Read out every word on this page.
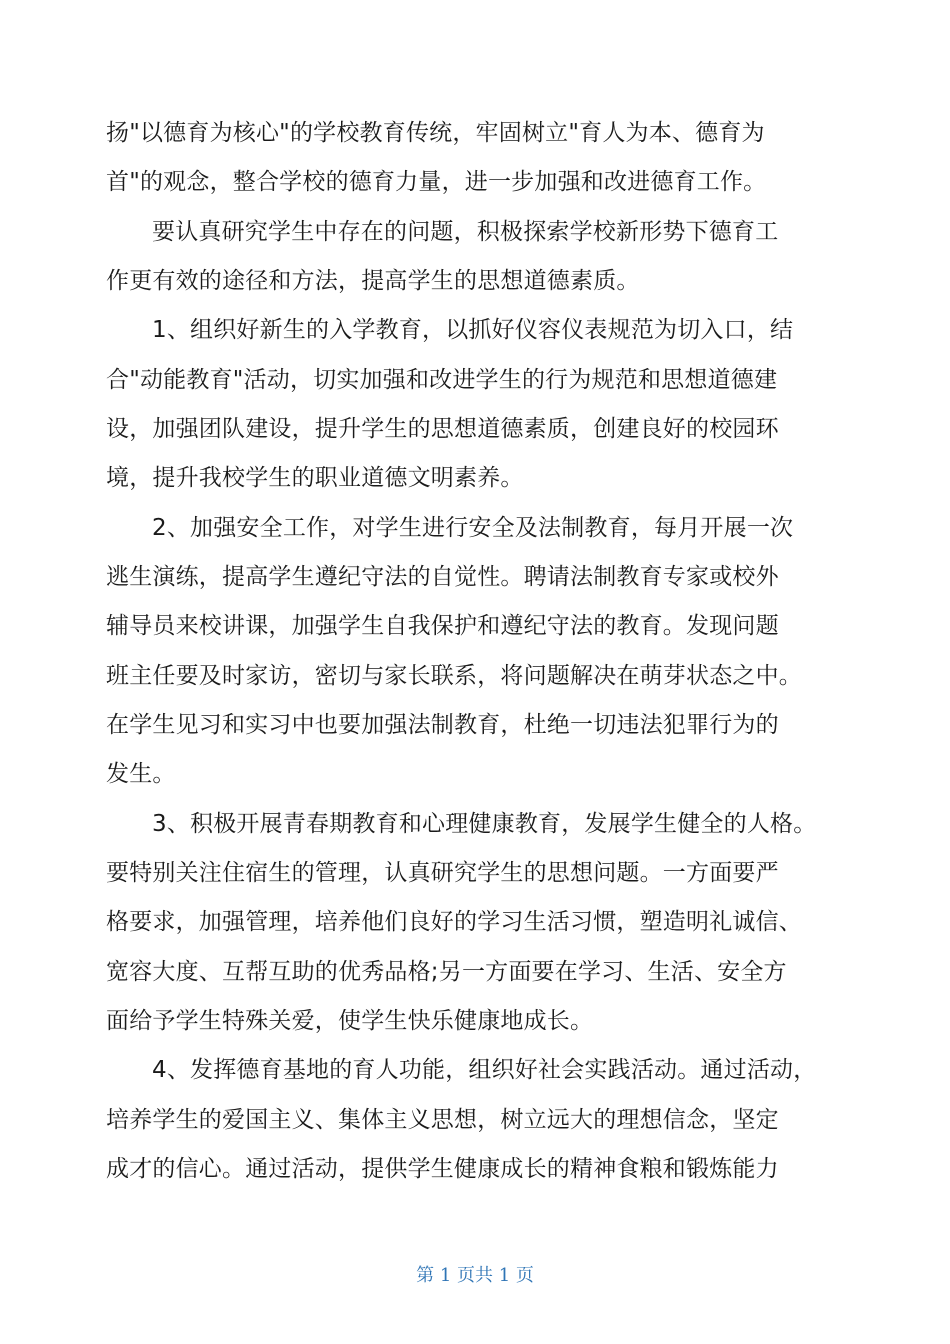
扬"以德育为核心"的学校教育传统，牢固树立"育人为本、德育为
首"的观念，整合学校的德育力量，进一步加强和改进德育工作。
要认真研究学生中存在的问题，积极探索学校新形势下德育工
作更有效的途径和方法，提高学生的思想道德素质。
1、组织好新生的入学教育，以抓好仪容仪表规范为切入口，结
合"动能教育"活动，切实加强和改进学生的行为规范和思想道德建
设，加强团队建设，提升学生的思想道德素质，创建良好的校园环
境，提升我校学生的职业道德文明素养。
2、加强安全工作，对学生进行安全及法制教育，每月开展一次
逃生演练，提高学生遵纪守法的自觉性。聘请法制教育专家或校外
辅导员来校讲课，加强学生自我保护和遵纪守法的教育。发现问题
班主任要及时家访，密切与家长联系，将问题解决在萌芽状态之中。
在学生见习和实习中也要加强法制教育，杜绝一切违法犯罪行为的
发生。
3、积极开展青春期教育和心理健康教育，发展学生健全的人格。
要特别关注住宿生的管理，认真研究学生的思想问题。一方面要严
格要求，加强管理，培养他们良好的学习生活习惯，塑造明礼诚信、
宽容大度、互帮互助的优秀品格;另一方面要在学习、生活、安全方
面给予学生特殊关爱，使学生快乐健康地成长。
4、发挥德育基地的育人功能，组织好社会实践活动。通过活动，
培养学生的爱国主义、集体主义思想，树立远大的理想信念，坚定
成才的信心。通过活动，提供学生健康成长的精神食粮和锻炼能力
第 1 页共 1 页
